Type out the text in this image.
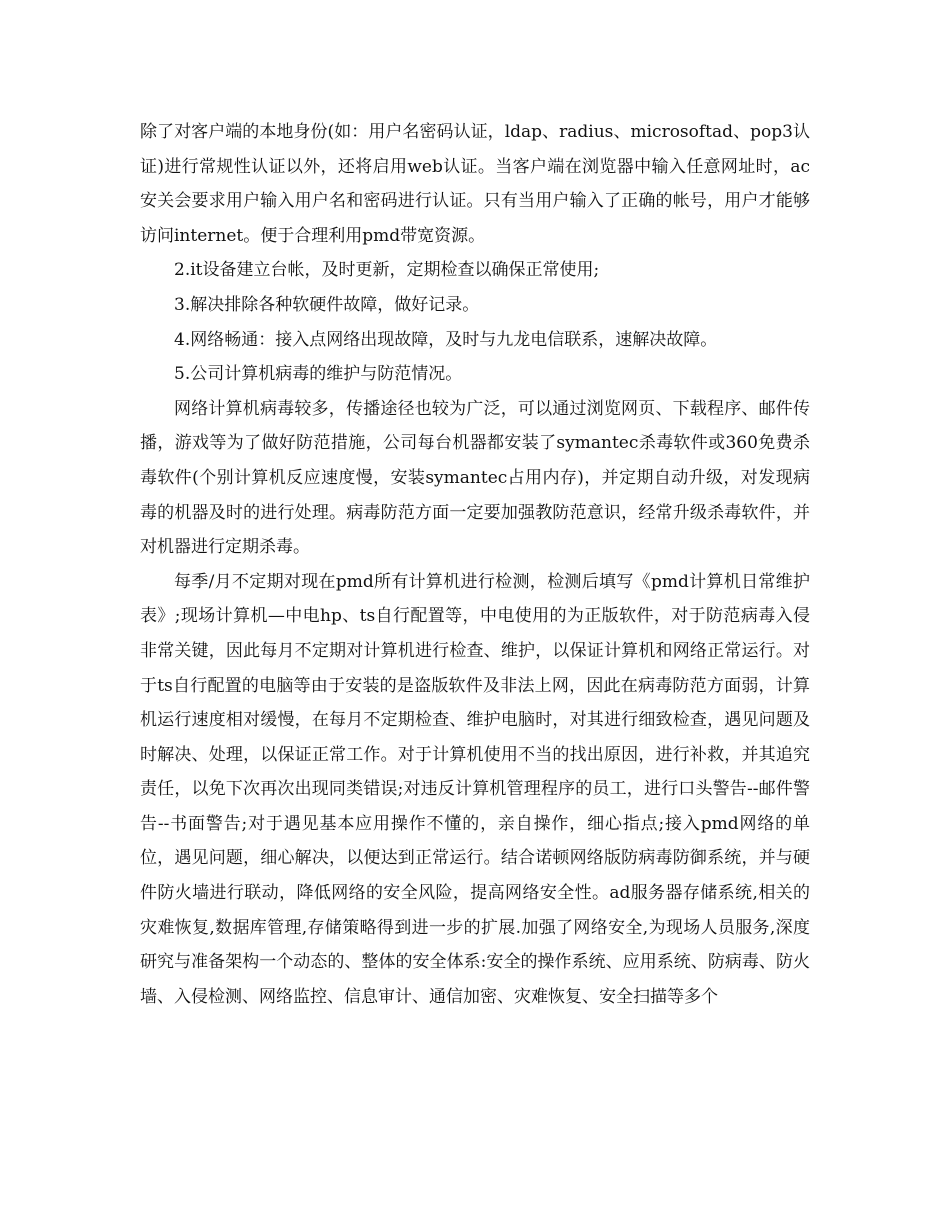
除了对客户端的本地身份(如：用户名密码认证，ldap、radius、microsoftad、pop3认证)进行常规性认证以外，还将启用web认证。当客户端在浏览器中输入任意网址时，ac安关会要求用户输入用户名和密码进行认证。只有当用户输入了正确的帐号，用户才能够访问internet。便于合理利用pmd带宽资源。

2.it设备建立台帐，及时更新，定期检查以确保正常使用;

3.解决排除各种软硬件故障，做好记录。

4.网络畅通：接入点网络出现故障，及时与九龙电信联系，速解决故障。

5.公司计算机病毒的维护与防范情况。

网络计算机病毒较多，传播途径也较为广泛，可以通过浏览网页、下载程序、邮件传播，游戏等为了做好防范措施，公司每台机器都安装了symantec杀毒软件或360免费杀毒软件(个别计算机反应速度慢，安装symantec占用内存)，并定期自动升级，对发现病毒的机器及时的进行处理。病毒防范方面一定要加强教防范意识，经常升级杀毒软件，并对机器进行定期杀毒。

每季/月不定期对现在pmd所有计算机进行检测，检测后填写《pmd计算机日常维护表》;现场计算机—中电hp、ts自行配置等，中电使用的为正版软件，对于防范病毒入侵非常关键，因此每月不定期对计算机进行检查、维护，以保证计算机和网络正常运行。对于ts自行配置的电脑等由于安装的是盗版软件及非法上网，因此在病毒防范方面弱，计算机运行速度相对缓慢，在每月不定期检查、维护电脑时，对其进行细致检查，遇见问题及时解决、处理，以保证正常工作。对于计算机使用不当的找出原因，进行补救，并其追究责任，以免下次再次出现同类错误;对违反计算机管理程序的员工，进行口头警告--邮件警告--书面警告;对于遇见基本应用操作不懂的，亲自操作，细心指点;接入pmd网络的单位，遇见问题，细心解决，以便达到正常运行。结合诺顿网络版防病毒防御系统，并与硬件防火墙进行联动，降低网络的安全风险，提高网络安全性。ad服务器存储系统,相关的灾难恢复,数据库管理,存储策略得到进一步的扩展.加强了网络安全,为现场人员服务,深度研究与准备架构一个动态的、整体的安全体系:安全的操作系统、应用系统、防病毒、防火墙、入侵检测、网络监控、信息审计、通信加密、灾难恢复、安全扫描等多个
